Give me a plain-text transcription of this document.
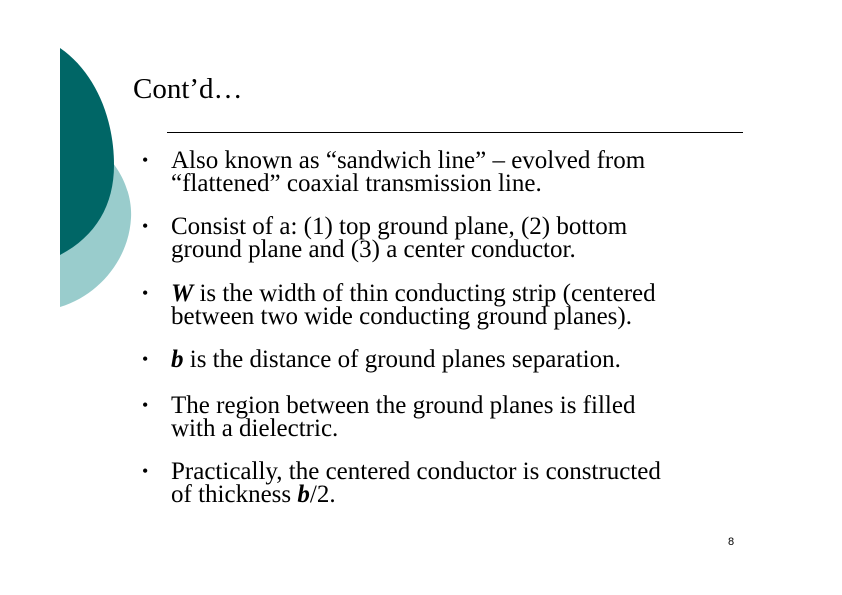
Cont’d…
• Also known as “sandwich line” – evolved from
“flattened” coaxial transmission line.
• Consist of a: (1) top ground plane, (2) bottom
ground plane and (3) a center conductor.
• W is the width of thin conducting strip (centered
between two wide conducting ground planes).
• b is the distance of ground planes separation.
• The region between the ground planes is filled
with a dielectric.
• Practically, the centered conductor is constructed
of thickness b/2.
8
